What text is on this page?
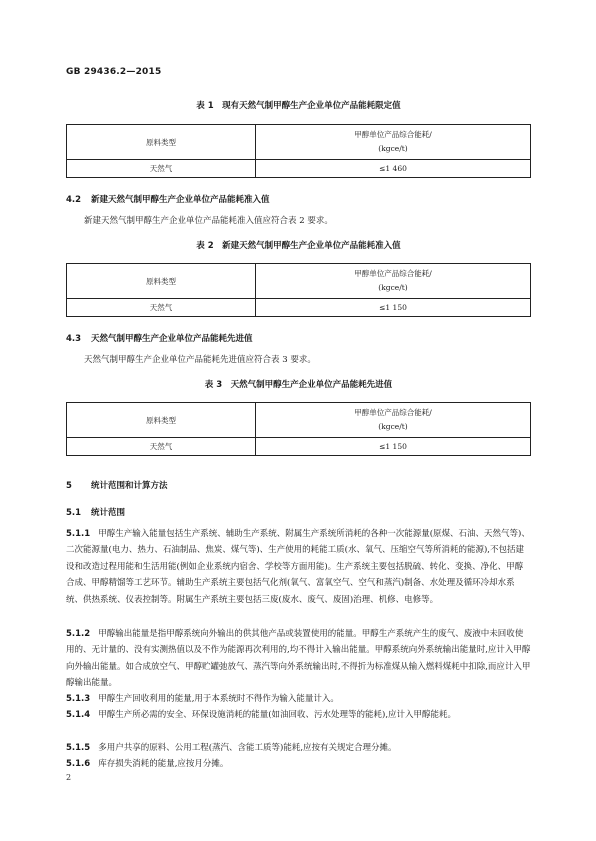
GB 29436.2—2015
表 1　现有天然气制甲醇生产企业单位产品能耗限定值
原料类型	甲醇单位产品综合能耗/
(kgce/t)

天然气	≤1 460
4.2 新建天然气制甲醇生产企业单位产品能耗准入值
新建天然气制甲醇生产企业单位产品能耗准入值应符合表 2 要求。
表 2　新建天然气制甲醇生产企业单位产品能耗准入值
原料类型	甲醇单位产品综合能耗/
(kgce/t)

天然气	≤1 150
4.3 天然气制甲醇生产企业单位产品能耗先进值
天然气制甲醇生产企业单位产品能耗先进值应符合表 3 要求。
表 3　天然气制甲醇生产企业单位产品能耗先进值
原料类型	甲醇单位产品综合能耗/
(kgce/t)

天然气	≤1 150
5 统计范围和计算方法
5.1 统计范围
5.1.1 甲醇生产输入能量包括生产系统、辅助生产系统、附属生产系统所消耗的各种一次能源量(原煤、石油、天然气等)、二次能源量(电力、热力、石油制品、焦炭、煤气等)、生产使用的耗能工质(水、氧气、压缩空气等所消耗的能源),不包括建设和改造过程用能和生活用能(例如企业系统内宿舍、学校等方面用能)。生产系统主要包括脱硫、转化、变换、净化、甲醇合成、甲醇精馏等工艺环节。辅助生产系统主要包括气化剂(氧气、富氧空气、空气和蒸汽)制备、水处理及循环冷却水系统、供热系统、仪表控制等。附属生产系统主要包括三废(废水、废气、废固)治理、机修、电修等。
5.1.2 甲醇输出能量是指甲醇系统向外输出的供其他产品或装置使用的能量。甲醇生产系统产生的废气、废液中未回收使用的、无计量的、没有实测热值以及不作为能源再次利用的,均不得计入输出能量。甲醇系统向外系统输出能量时,应计入甲醇向外输出能量。如合成放空气、甲醇贮罐弛放气、蒸汽等向外系统输出时,不得折为标准煤从输入燃料煤耗中扣除,而应计入甲醇输出能量。
5.1.3 甲醇生产回收利用的能量,用于本系统时不得作为输入能量计入。
5.1.4 甲醇生产所必需的安全、环保设施消耗的能量(如油回收、污水处理等的能耗),应计入甲醇能耗。
5.1.5 多用户共享的原料、公用工程(蒸汽、含能工质等)能耗,应按有关规定合理分摊。
5.1.6 库存损失消耗的能量,应按月分摊。
2
